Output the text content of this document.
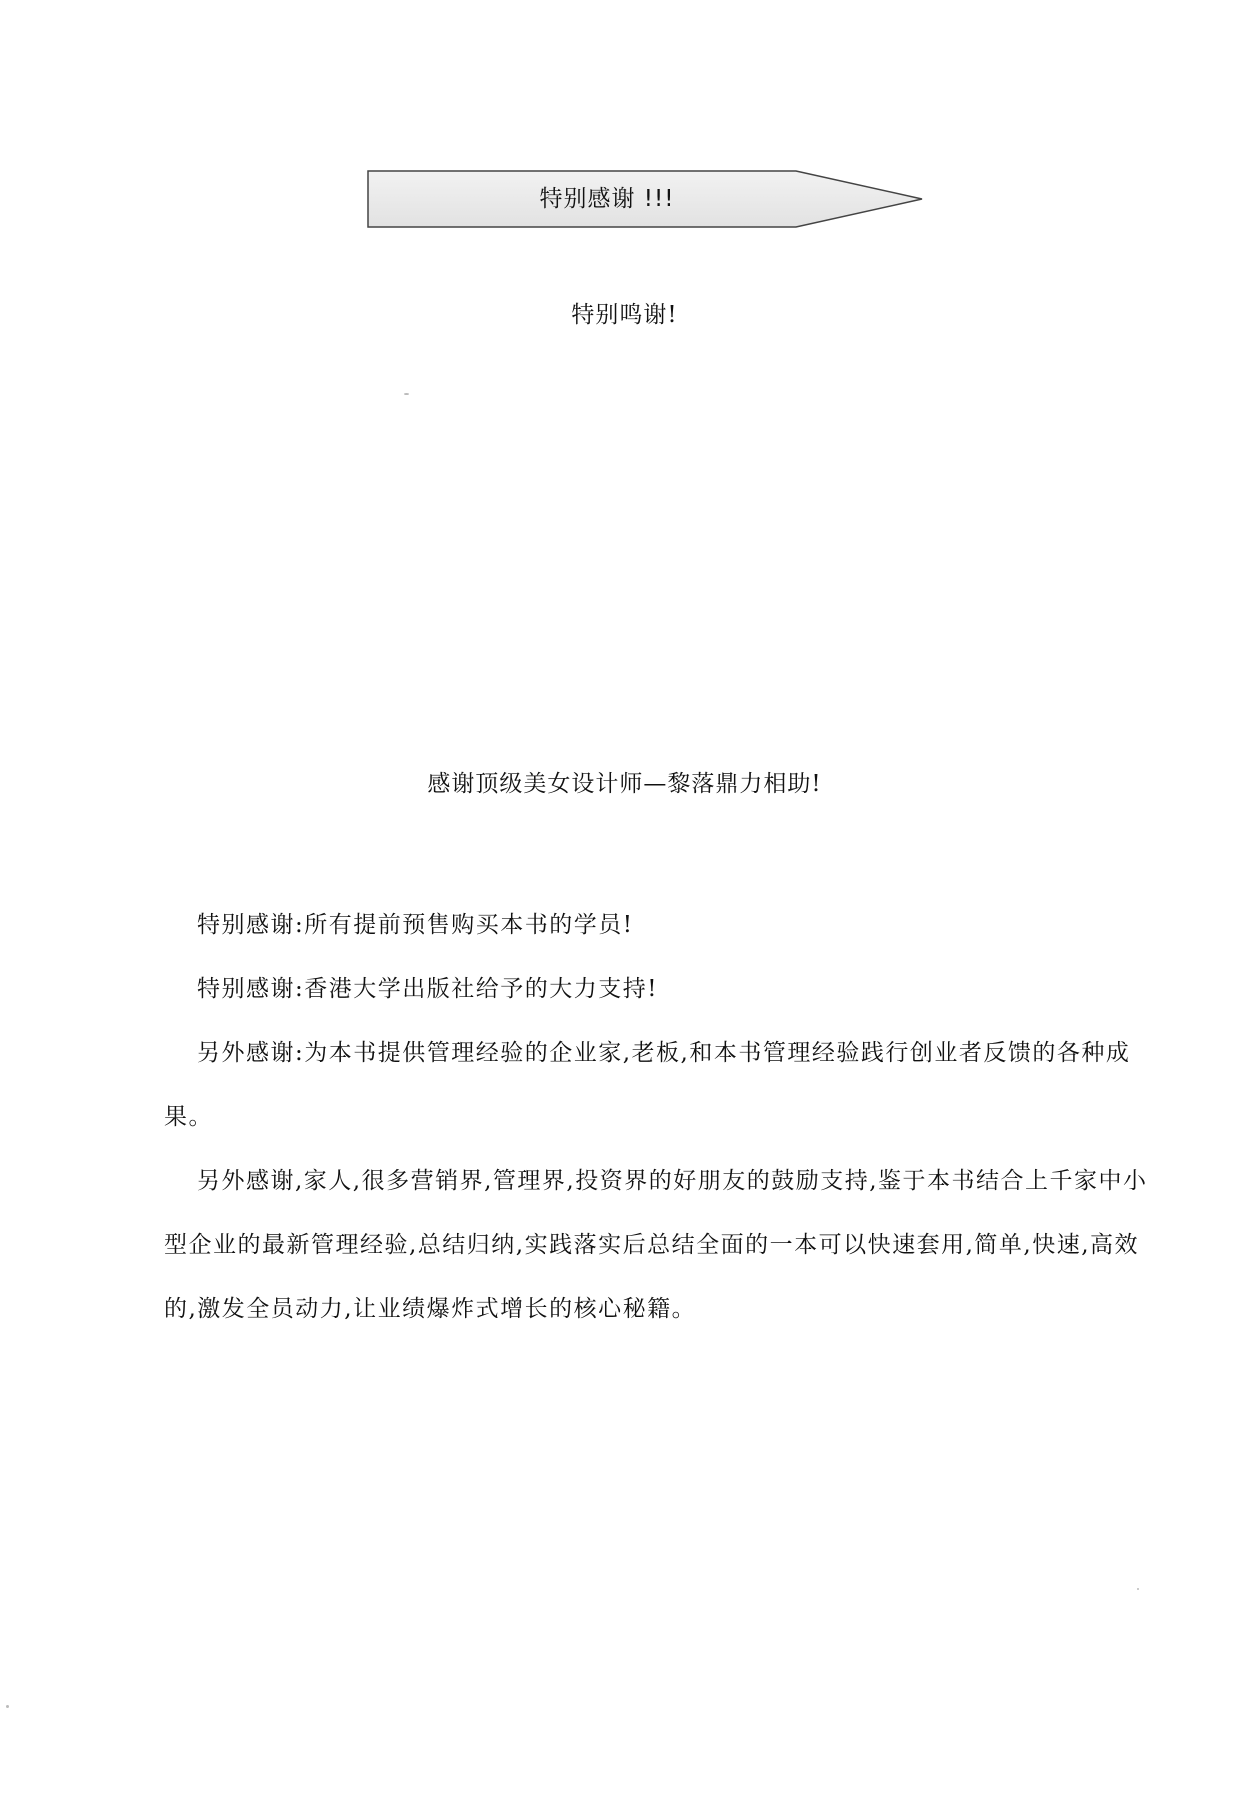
特别感谢 !!!
特别鸣谢!
感谢顶级美女设计师—黎落鼎力相助!

特别感谢:所有提前预售购买本书的学员!

特别感谢:香港大学出版社给予的大力支持!

另外感谢:为本书提供管理经验的企业家,老板,和本书管理经验践行创业者反馈的各种成果。

另外感谢,家人,很多营销界,管理界,投资界的好朋友的鼓励支持,鉴于本书结合上千家中小型企业的最新管理经验,总结归纳,实践落实后总结全面的一本可以快速套用,简单,快速,高效的,激发全员动力,让业绩爆炸式增长的核心秘籍。
